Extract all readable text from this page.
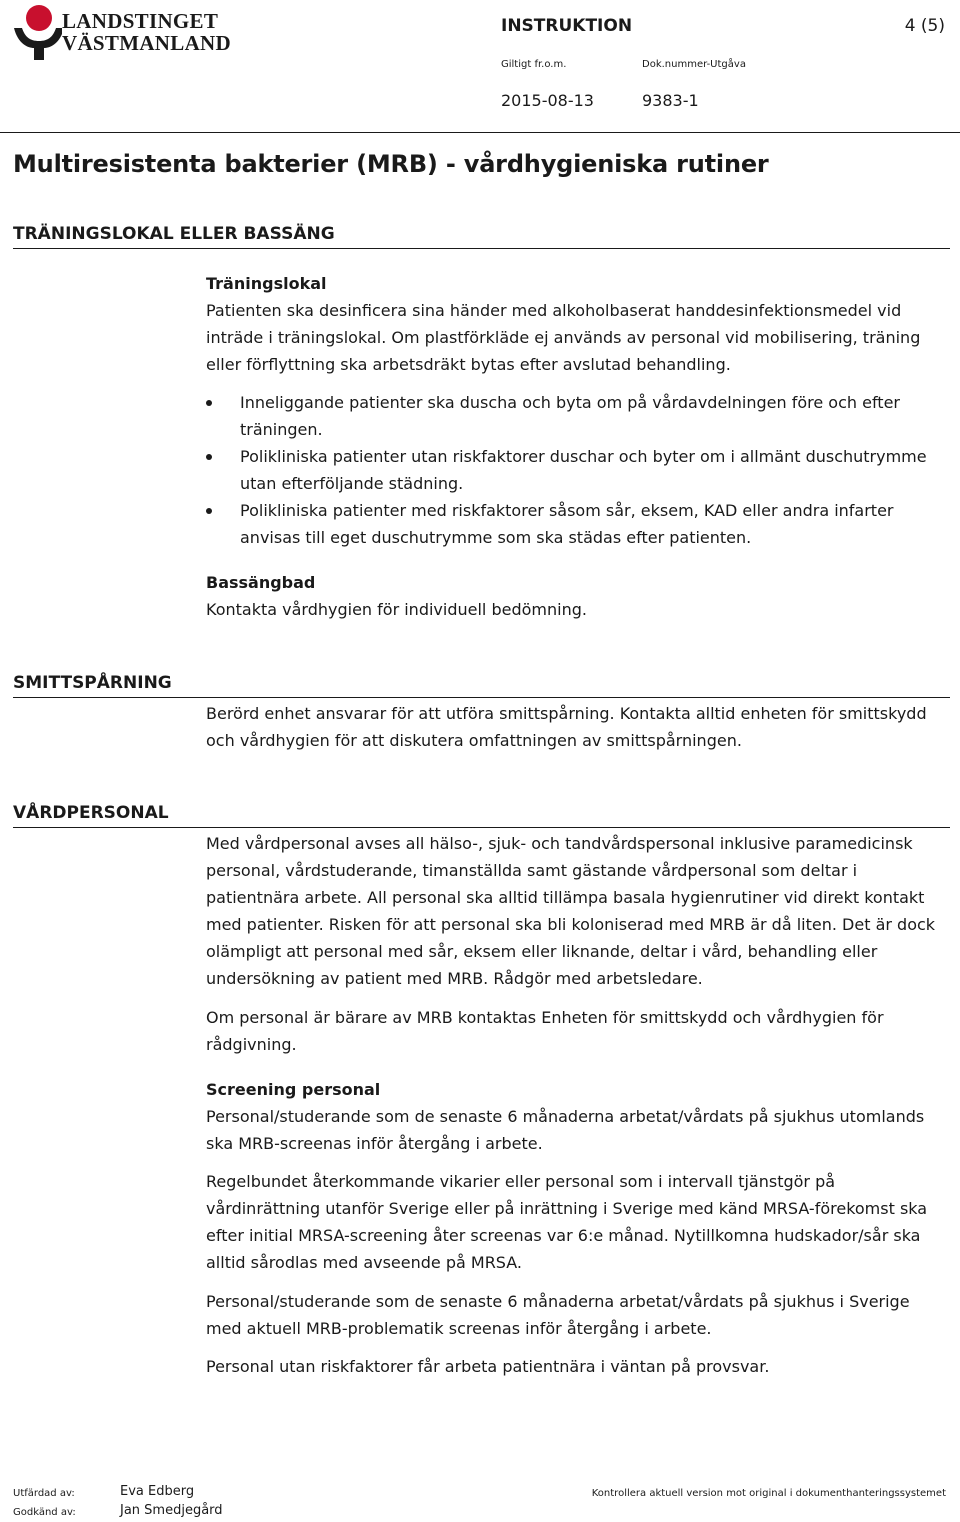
LANDSTINGET
VÄSTMANLAND
INSTRUKTION	4 (5)
Giltigt fr.o.m.	Dok.nummer-Utgåva
2015-08-13	9383-1
Multiresistenta bakterier (MRB) - vårdhygieniska rutiner
TRÄNINGSLOKAL ELLER BASSÄNG

Träningslokal

Patienten ska desinficera sina händer med alkoholbaserat handdesinfektionsmedel vid inträde i träningslokal. Om plastförkläde ej används av personal vid mobilisering, träning eller förflyttning ska arbetsdräkt bytas efter avslutad behandling.

Inneliggande patienter ska duscha och byta om på vårdavdelningen före och efter träningen.
Polikliniska patienter utan riskfaktorer duschar och byter om i allmänt duschutrymme utan efterföljande städning.
Polikliniska patienter med riskfaktorer såsom sår, eksem, KAD eller andra infarter anvisas till eget duschutrymme som ska städas efter patienten.

Bassängbad

Kontakta vårdhygien för individuell bedömning.

SMITTSPÅRNING

Berörd enhet ansvarar för att utföra smittspårning. Kontakta alltid enheten för smittskydd och vårdhygien för att diskutera omfattningen av smittspårningen.

VÅRDPERSONAL

Med vårdpersonal avses all hälso-, sjuk- och tandvårdspersonal inklusive paramedicinsk personal, vårdstuderande, timanställda samt gästande vårdpersonal som deltar i patientnära arbete. All personal ska alltid tillämpa basala hygienrutiner vid direkt kontakt med patienter. Risken för att personal ska bli koloniserad med MRB är då liten. Det är dock olämpligt att personal med sår, eksem eller liknande, deltar i vård, behandling eller undersökning av patient med MRB. Rådgör med arbetsledare.

Om personal är bärare av MRB kontaktas Enheten för smittskydd och vårdhygien för rådgivning.

Screening personal

Personal/studerande som de senaste 6 månaderna arbetat/vårdats på sjukhus utomlands ska MRB-screenas inför återgång i arbete.

Regelbundet återkommande vikarier eller personal som i intervall tjänstgör på vårdinrättning utanför Sverige eller på inrättning i Sverige med känd MRSA-förekomst ska efter initial MRSA-screening åter screenas var 6:e månad. Nytillkomna hudskador/sår ska alltid sårodlas med avseende på MRSA.

Personal/studerande som de senaste 6 månaderna arbetat/vårdats på sjukhus i Sverige med aktuell MRB-problematik screenas inför återgång i arbete.

Personal utan riskfaktorer får arbeta patientnära i väntan på provsvar.

Utfärdad av:	Eva Edberg
Godkänd av:	Jan Smedjegård
Kontrollera aktuell version mot original i dokumenthanteringssystemet
